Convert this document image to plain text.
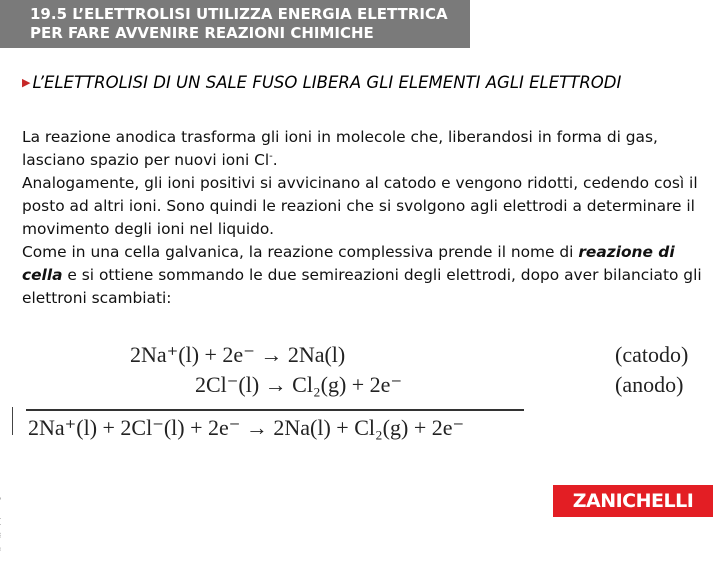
19.5 L’ELETTROLISI UTILIZZA ENERGIA ELETTRICA PER FARE AVVENIRE REAZIONI CHIMICHE
▶ L’ELETTROLISI DI UN SALE FUSO LIBERA GLI ELEMENTI AGLI ELETTRODI

La reazione anodica trasforma gli ioni in molecole che, liberandosi in forma di gas, lasciano spazio per nuovi ioni Cl-.

Analogamente, gli ioni positivi si avvicinano al catodo e vengono ridotti, cedendo così il posto ad altri ioni. Sono quindi le reazioni che si svolgono agli elettrodi a determinare il movimento degli ioni nel liquido.

Come in una cella galvanica, la reazione complessiva prende il nome di reazione di cella e si ottiene sommando le due semireazioni degli elettrodi, dopo aver bilanciato gli elettroni scambiati:

2Na⁺(l) + 2e⁻ → 2Na(l)	(catodo)
2Cl⁻(l) → Cl₂(g) + 2e⁻	(anodo)
2Na⁺(l) + 2Cl⁻(l) + 2e⁻ → 2Na(l) + Cl₂(g) + 2e⁻
ZANICHELLI
